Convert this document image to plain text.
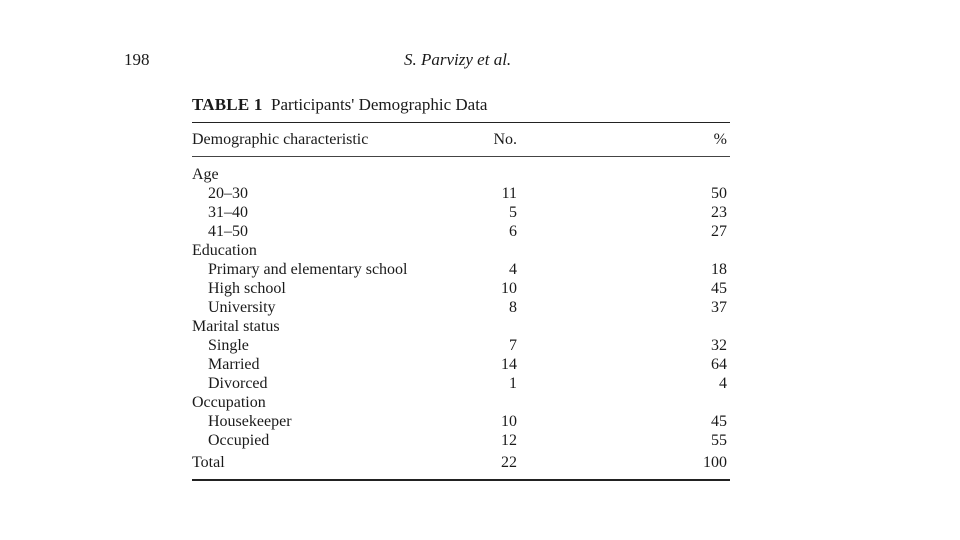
198	S. Parvizy et al.
TABLE 1 Participants' Demographic Data
Demographic characteristic	No.	%
Age
20–30	11	50
31–40	5	23
41–50	6	27
Education
Primary and elementary school	4	18
High school	10	45
University	8	37
Marital status
Single	7	32
Married	14	64
Divorced	1	4
Occupation
Housekeeper	10	45
Occupied	12	55
Total	22	100
